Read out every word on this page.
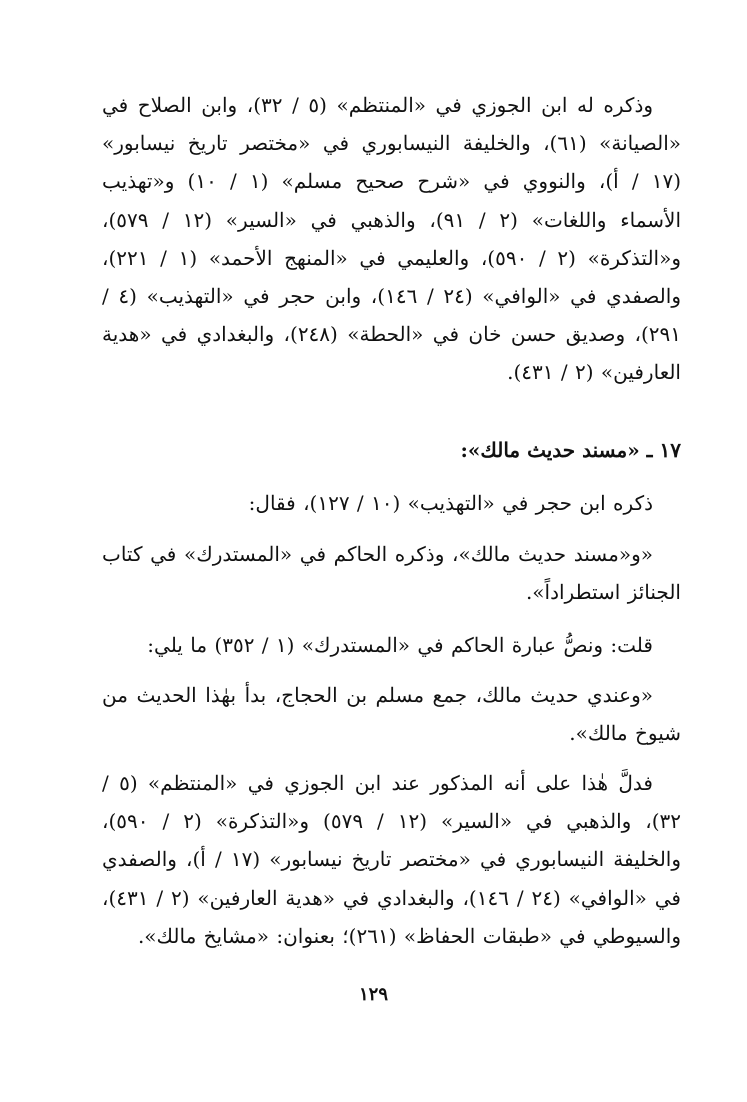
وذكره له ابن الجوزي في «المنتظم» (٥ / ٣٢)، وابن الصلاح في «الصيانة» (٦١)، والخليفة النيسابوري في «مختصر تاريخ نيسابور» (١٧ / أ)، والنووي في «شرح صحيح مسلم» (١ / ١٠) و«تهذيب الأسماء واللغات» (٢ / ٩١)، والذهبي في «السير» (١٢ / ٥٧٩)، و«التذكرة» (٢ / ٥٩٠)، والعليمي في «المنهج الأحمد» (١ / ٢٢١)، والصفدي في «الوافي» (٢٤ / ١٤٦)، وابن حجر في «التهذيب» (٤ / ٢٩١)، وصديق حسن خان في «الحطة» (٢٤٨)، والبغدادي في «هدية العارفين» (٢ / ٤٣١).

١٧ ـ «مسند حديث مالك»:

ذكره ابن حجر في «التهذيب» (١٠ / ١٢٧)، فقال:

«و«مسند حديث مالك»، وذكره الحاكم في «المستدرك» في كتاب الجنائز استطراداً».

قلت: ونصُّ عبارة الحاكم في «المستدرك» (١ / ٣٥٢) ما يلي:

«وعندي حديث مالك، جمع مسلم بن الحجاج، بدأ بهٰذا الحديث من شيوخ مالك».

فدلَّ هٰذا على أنه المذكور عند ابن الجوزي في «المنتظم» (٥ / ٣٢)، والذهبي في «السير» (١٢ / ٥٧٩) و«التذكرة» (٢ / ٥٩٠)، والخليفة النيسابوري في «مختصر تاريخ نيسابور» (١٧ / أ)، والصفدي في «الوافي» (٢٤ / ١٤٦)، والبغدادي في «هدية العارفين» (٢ / ٤٣١)، والسيوطي في «طبقات الحفاظ» (٢٦١)؛ بعنوان: «مشايخ مالك».

١٢٩
